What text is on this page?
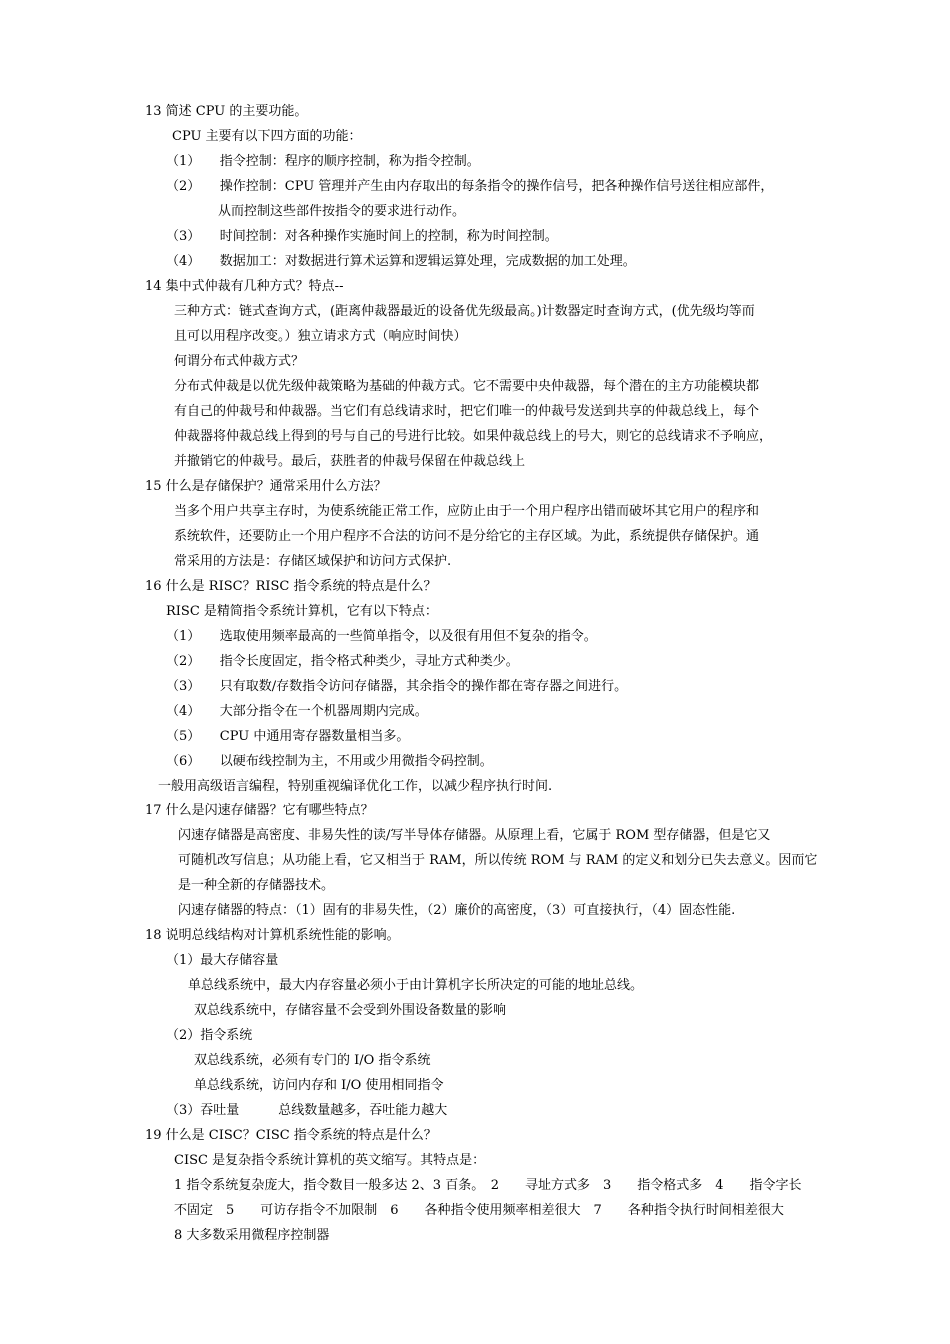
13 简述 CPU 的主要功能。
CPU 主要有以下四方面的功能：
（1）　　指令控制：程序的顺序控制，称为指令控制。
（2）　　操作控制：CPU 管理并产生由内存取出的每条指令的操作信号，把各种操作信号送往相应部件，
从而控制这些部件按指令的要求进行动作。
（3）　　时间控制：对各种操作实施时间上的控制，称为时间控制。
（4）　　数据加工：对数据进行算术运算和逻辑运算处理，完成数据的加工处理。
14 集中式仲裁有几种方式？特点--
三种方式：链式查询方式，(距离仲裁器最近的设备优先级最高。)计数器定时查询方式，(优先级均等而
且可以用程序改变。）独立请求方式（响应时间快）
何谓分布式仲裁方式？
分布式仲裁是以优先级仲裁策略为基础的仲裁方式。它不需要中央仲裁器，每个潜在的主方功能模块都
有自己的仲裁号和仲裁器。当它们有总线请求时，把它们唯一的仲裁号发送到共享的仲裁总线上，每个
仲裁器将仲裁总线上得到的号与自己的号进行比较。如果仲裁总线上的号大，则它的总线请求不予响应，
并撤销它的仲裁号。最后，获胜者的仲裁号保留在仲裁总线上
15 什么是存储保护？通常采用什么方法？
当多个用户共享主存时，为使系统能正常工作，应防止由于一个用户程序出错而破坏其它用户的程序和
系统软件，还要防止一个用户程序不合法的访问不是分给它的主存区域。为此，系统提供存储保护。通
常采用的方法是：存储区域保护和访问方式保护.
16 什么是 RISC？RISC 指令系统的特点是什么？
RISC 是精简指令系统计算机，它有以下特点：
（1）　　选取使用频率最高的一些简单指令，以及很有用但不复杂的指令。
（2）　　指令长度固定，指令格式种类少，寻址方式种类少。
（3）　　只有取数/存数指令访问存储器，其余指令的操作都在寄存器之间进行。
（4）　　大部分指令在一个机器周期内完成。
（5）　　CPU 中通用寄存器数量相当多。
（6）　　以硬布线控制为主，不用或少用微指令码控制。
一般用高级语言编程，特别重视编译优化工作，以减少程序执行时间.
17 什么是闪速存储器？它有哪些特点？
闪速存储器是高密度、非易失性的读/写半导体存储器。从原理上看，它属于 ROM 型存储器，但是它又
可随机改写信息；从功能上看，它又相当于 RAM，所以传统 ROM 与 RAM 的定义和划分已失去意义。因而它
是一种全新的存储器技术。
闪速存储器的特点：（1）固有的非易失性，（2）廉价的高密度，（3）可直接执行，（4）固态性能.
18 说明总线结构对计算机系统性能的影响。
（1）最大存储容量
单总线系统中，最大内存容量必须小于由计算机字长所决定的可能的地址总线。
双总线系统中，存储容量不会受到外围设备数量的影响
（2）指令系统
双总线系统，必须有专门的 I/O 指令系统
单总线系统，访问内存和 I/O 使用相同指令
（3）吞吐量　　　总线数量越多，吞吐能力越大
19 什么是 CISC？CISC 指令系统的特点是什么？
CISC 是复杂指令系统计算机的英文缩写。其特点是：
1 指令系统复杂庞大，指令数目一般多达 2、3 百条。　2　　寻址方式多　3　　指令格式多　4　　指令字长
不固定　5　　可访存指令不加限制　6　　各种指令使用频率相差很大　7　　各种指令执行时间相差很大
8 大多数采用微程序控制器
